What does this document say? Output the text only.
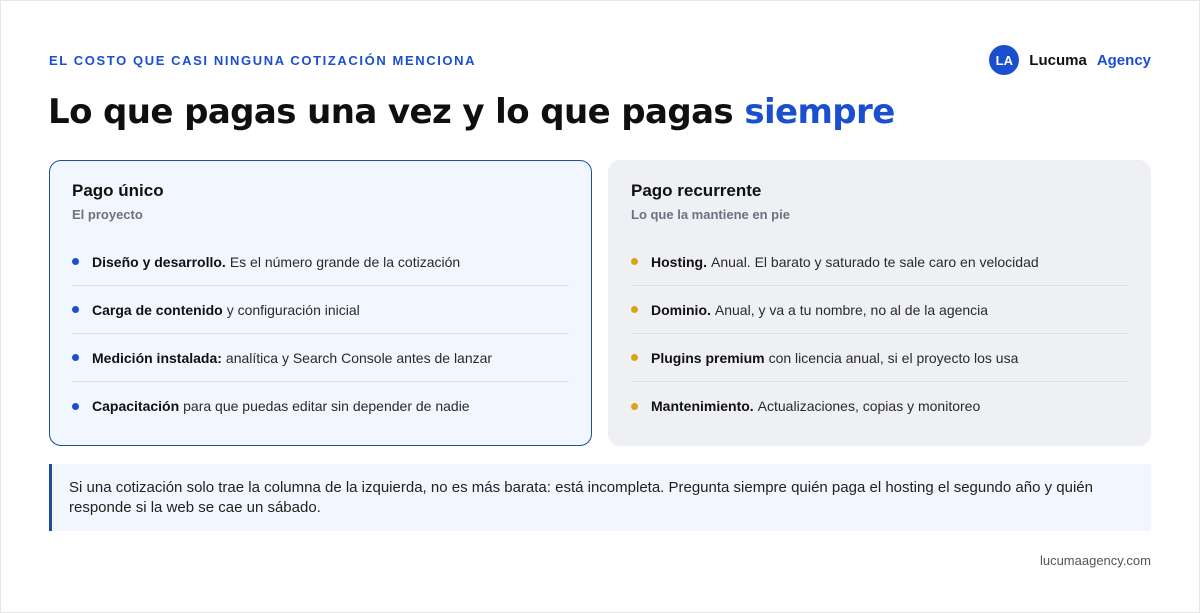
EL COSTO QUE CASI NINGUNA COTIZACIÓN MENCIONA	LA	Lucuma Agency
Lo que pagas una vez y lo que pagas siempre
Pago único
El proyecto
Diseño y desarrollo. Es el número grande de la cotización
Carga de contenido y configuración inicial
Medición instalada: analítica y Search Console antes de lanzar
Capacitación para que puedas editar sin depender de nadie
Pago recurrente
Lo que la mantiene en pie
Hosting. Anual. El barato y saturado te sale caro en velocidad
Dominio. Anual, y va a tu nombre, no al de la agencia
Plugins premium con licencia anual, si el proyecto los usa
Mantenimiento. Actualizaciones, copias y monitoreo
Si una cotización solo trae la columna de la izquierda, no es más barata: está incompleta. Pregunta siempre quién paga el hosting el segundo año y quién responde si la web se cae un sábado.
lucumaagency.com
